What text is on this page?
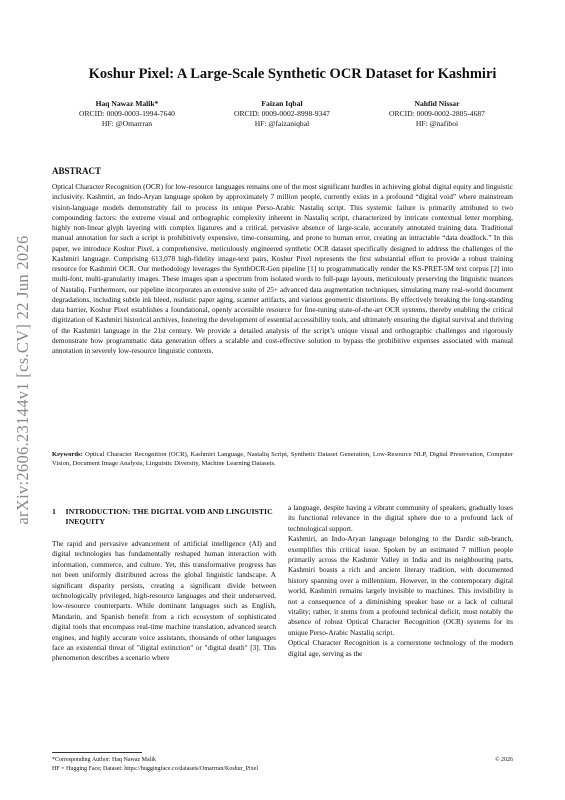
arXiv:2606.23144v1 [cs.CV] 22 Jun 2026
Koshur Pixel: A Large-Scale Synthetic OCR Dataset for Kashmiri
Haq Nawaz Malik*
ORCID: 0009-0003-1994-7640
HF: @Omarrran
Faizan Iqbal
ORCID: 0009-0002-8998-9347
HF: @faizaniqbal
Nahfid Nissar
ORCID: 0009-0002-2805-4687
HF: @nafiboi
ABSTRACT

Optical Character Recognition (OCR) for low-resource languages remains one of the most significant hurdles in achieving global digital equity and linguistic inclusivity. Kashmiri, an Indo-Aryan language spoken by approximately 7 million people, currently exists in a profound “digital void” where mainstream vision-language models demonstrably fail to process its unique Perso-Arabic Nastaliq script. This systemic failure is primarily attributed to two compounding factors: the extreme visual and orthographic complexity inherent in Nastaliq script, characterized by intricate contextual letter morphing, highly non-linear glyph layering with complex ligatures and a critical, pervasive absence of large-scale, accurately annotated training data. Traditional manual annotation for such a script is prohibitively expensive, time-consuming, and prone to human error, creating an intractable “data deadlock.” In this paper, we introduce Koshur Pixel, a comprehensive, meticulously engineered synthetic OCR dataset specifically designed to address the challenges of the Kashmiri language. Comprising 613,078 high-fidelity image-text pairs, Koshur Pixel represents the first substantial effort to provide a robust training resource for Kashmiri OCR. Our methodology leverages the SynthOCR-Gen pipeline [1] to programmatically render the KS-PRET-5M text corpus [2] into multi-font, multi-granularity images. These images span a spectrum from isolated words to full-page layouts, meticulously preserving the linguistic nuances of Nastaliq. Furthermore, our pipeline incorporates an extensive suite of 25+ advanced data augmentation techniques, simulating many real-world document degradations, including subtle ink bleed, realistic paper aging, scanner artifacts, and various geometric distortions. By effectively breaking the long-standing data barrier, Koshur Pixel establishes a foundational, openly accessible resource for fine-tuning state-of-the-art OCR systems, thereby enabling the critical digitization of Kashmiri historical archives, fostering the development of essential accessibility tools, and ultimately ensuring the digital survival and thriving of the Kashmiri language in the 21st century. We provide a detailed analysis of the script’s unique visual and orthographic challenges and rigorously demonstrate how programmatic data generation offers a scalable and cost-effective solution to bypass the prohibitive expenses associated with manual annotation in severely low-resource linguistic contexts.

Keywords: Optical Character Recognition (OCR), Kashmiri Language, Nastaliq Script, Synthetic Dataset Generation, Low-Resource NLP, Digital Preservation, Computer Vision, Document Image Analysis, Linguistic Diversity, Machine Learning Datasets.

1	INTRODUCTION: THE DIGITAL VOID AND LINGUISTIC INEQUITY

The rapid and pervasive advancement of artificial intelligence (AI) and digital technologies has fundamentally reshaped human interaction with information, commerce, and culture. Yet, this transformative progress has not been uniformly distributed across the global linguistic landscape. A significant disparity persists, creating a significant divide between technologically privileged, high-resource languages and their underserved, low-resource counterparts. While dominant languages such as English, Mandarin, and Spanish benefit from a rich ecosystem of sophisticated digital tools that encompass real-time machine translation, advanced search engines, and highly accurate voice assistants, thousands of other languages face an existential threat of "digital extinction" or "digital death" [3]. This phenomenon describes a scenario where

a language, despite having a vibrant community of speakers, gradually loses its functional relevance in the digital sphere due to a profound lack of technological support.

Kashmiri, an Indo-Aryan language belonging to the Dardic sub-branch, exemplifies this critical issue. Spoken by an estimated 7 million people primarily across the Kashmir Valley in India and its neighbouring parts, Kashmiri boasts a rich and ancient literary tradition, with documented history spanning over a millennium. However, in the contemporary digital world, Kashmiri remains largely invisible to machines. This invisibility is not a consequence of a diminishing speaker base or a lack of cultural vitality; rather, it stems from a profound technical deficit, most notably the absence of robust Optical Character Recognition (OCR) systems for its unique Perso-Arabic Nastaliq script.

Optical Character Recognition is a cornerstone technology of the modern digital age, serving as the

*Corresponding Author: Haq Nawaz Malik
HF = Hugging Face; Dataset: https://huggingface.co/datasets/Omarrran/Koshur_Pixel
© 2026
